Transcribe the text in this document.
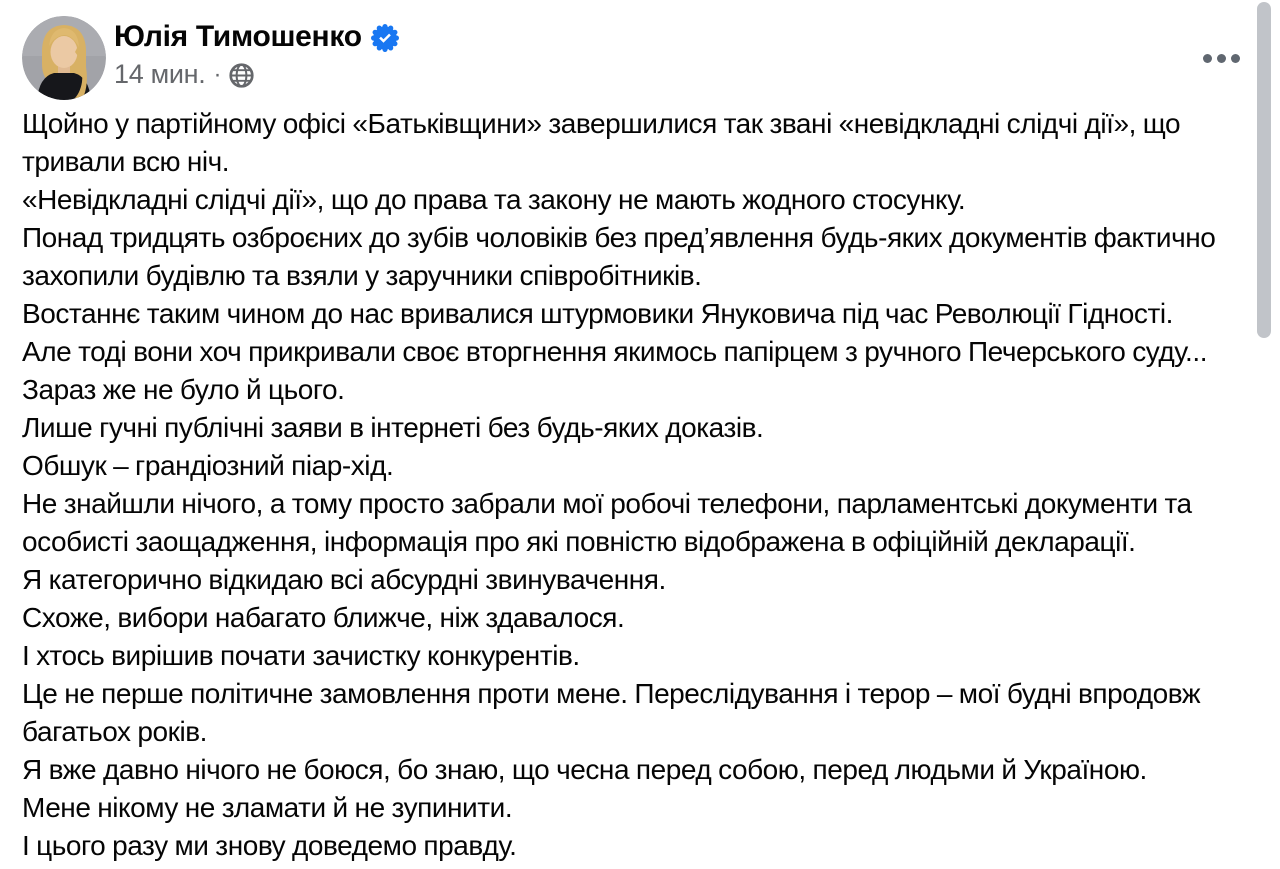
Юлія Тимошенко
14 мин. ·
Щойно у партійному офісі «Батьківщини» завершилися так звані «невідкладні слідчі дії», що тривали всю ніч.
«Невідкладні слідчі дії», що до права та закону не мають жодного стосунку.
Понад тридцять озброєних до зубів чоловіків без пред’явлення будь-яких документів фактично захопили будівлю та взяли у заручники співробітників.
Востаннє таким чином до нас вривалися штурмовики Януковича під час Революції Гідності.
Але тоді вони хоч прикривали своє вторгнення якимось папірцем з ручного Печерського суду...
Зараз же не було й цього.
Лише гучні публічні заяви в інтернеті без будь-яких доказів.
Обшук – грандіозний піар-хід.
Не знайшли нічого, а тому просто забрали мої робочі телефони, парламентські документи та особисті заощадження, інформація про які повністю відображена в офіційній декларації.
Я категорично відкидаю всі абсурдні звинувачення.
Схоже, вибори набагато ближче, ніж здавалося.
І хтось вирішив почати зачистку конкурентів.
Це не перше політичне замовлення проти мене. Переслідування і терор – мої будні впродовж багатьох років.
Я вже давно нічого не боюся, бо знаю, що чесна перед собою, перед людьми й Україною.
Мене нікому не зламати й не зупинити.
І цього разу ми знову доведемо правду.
